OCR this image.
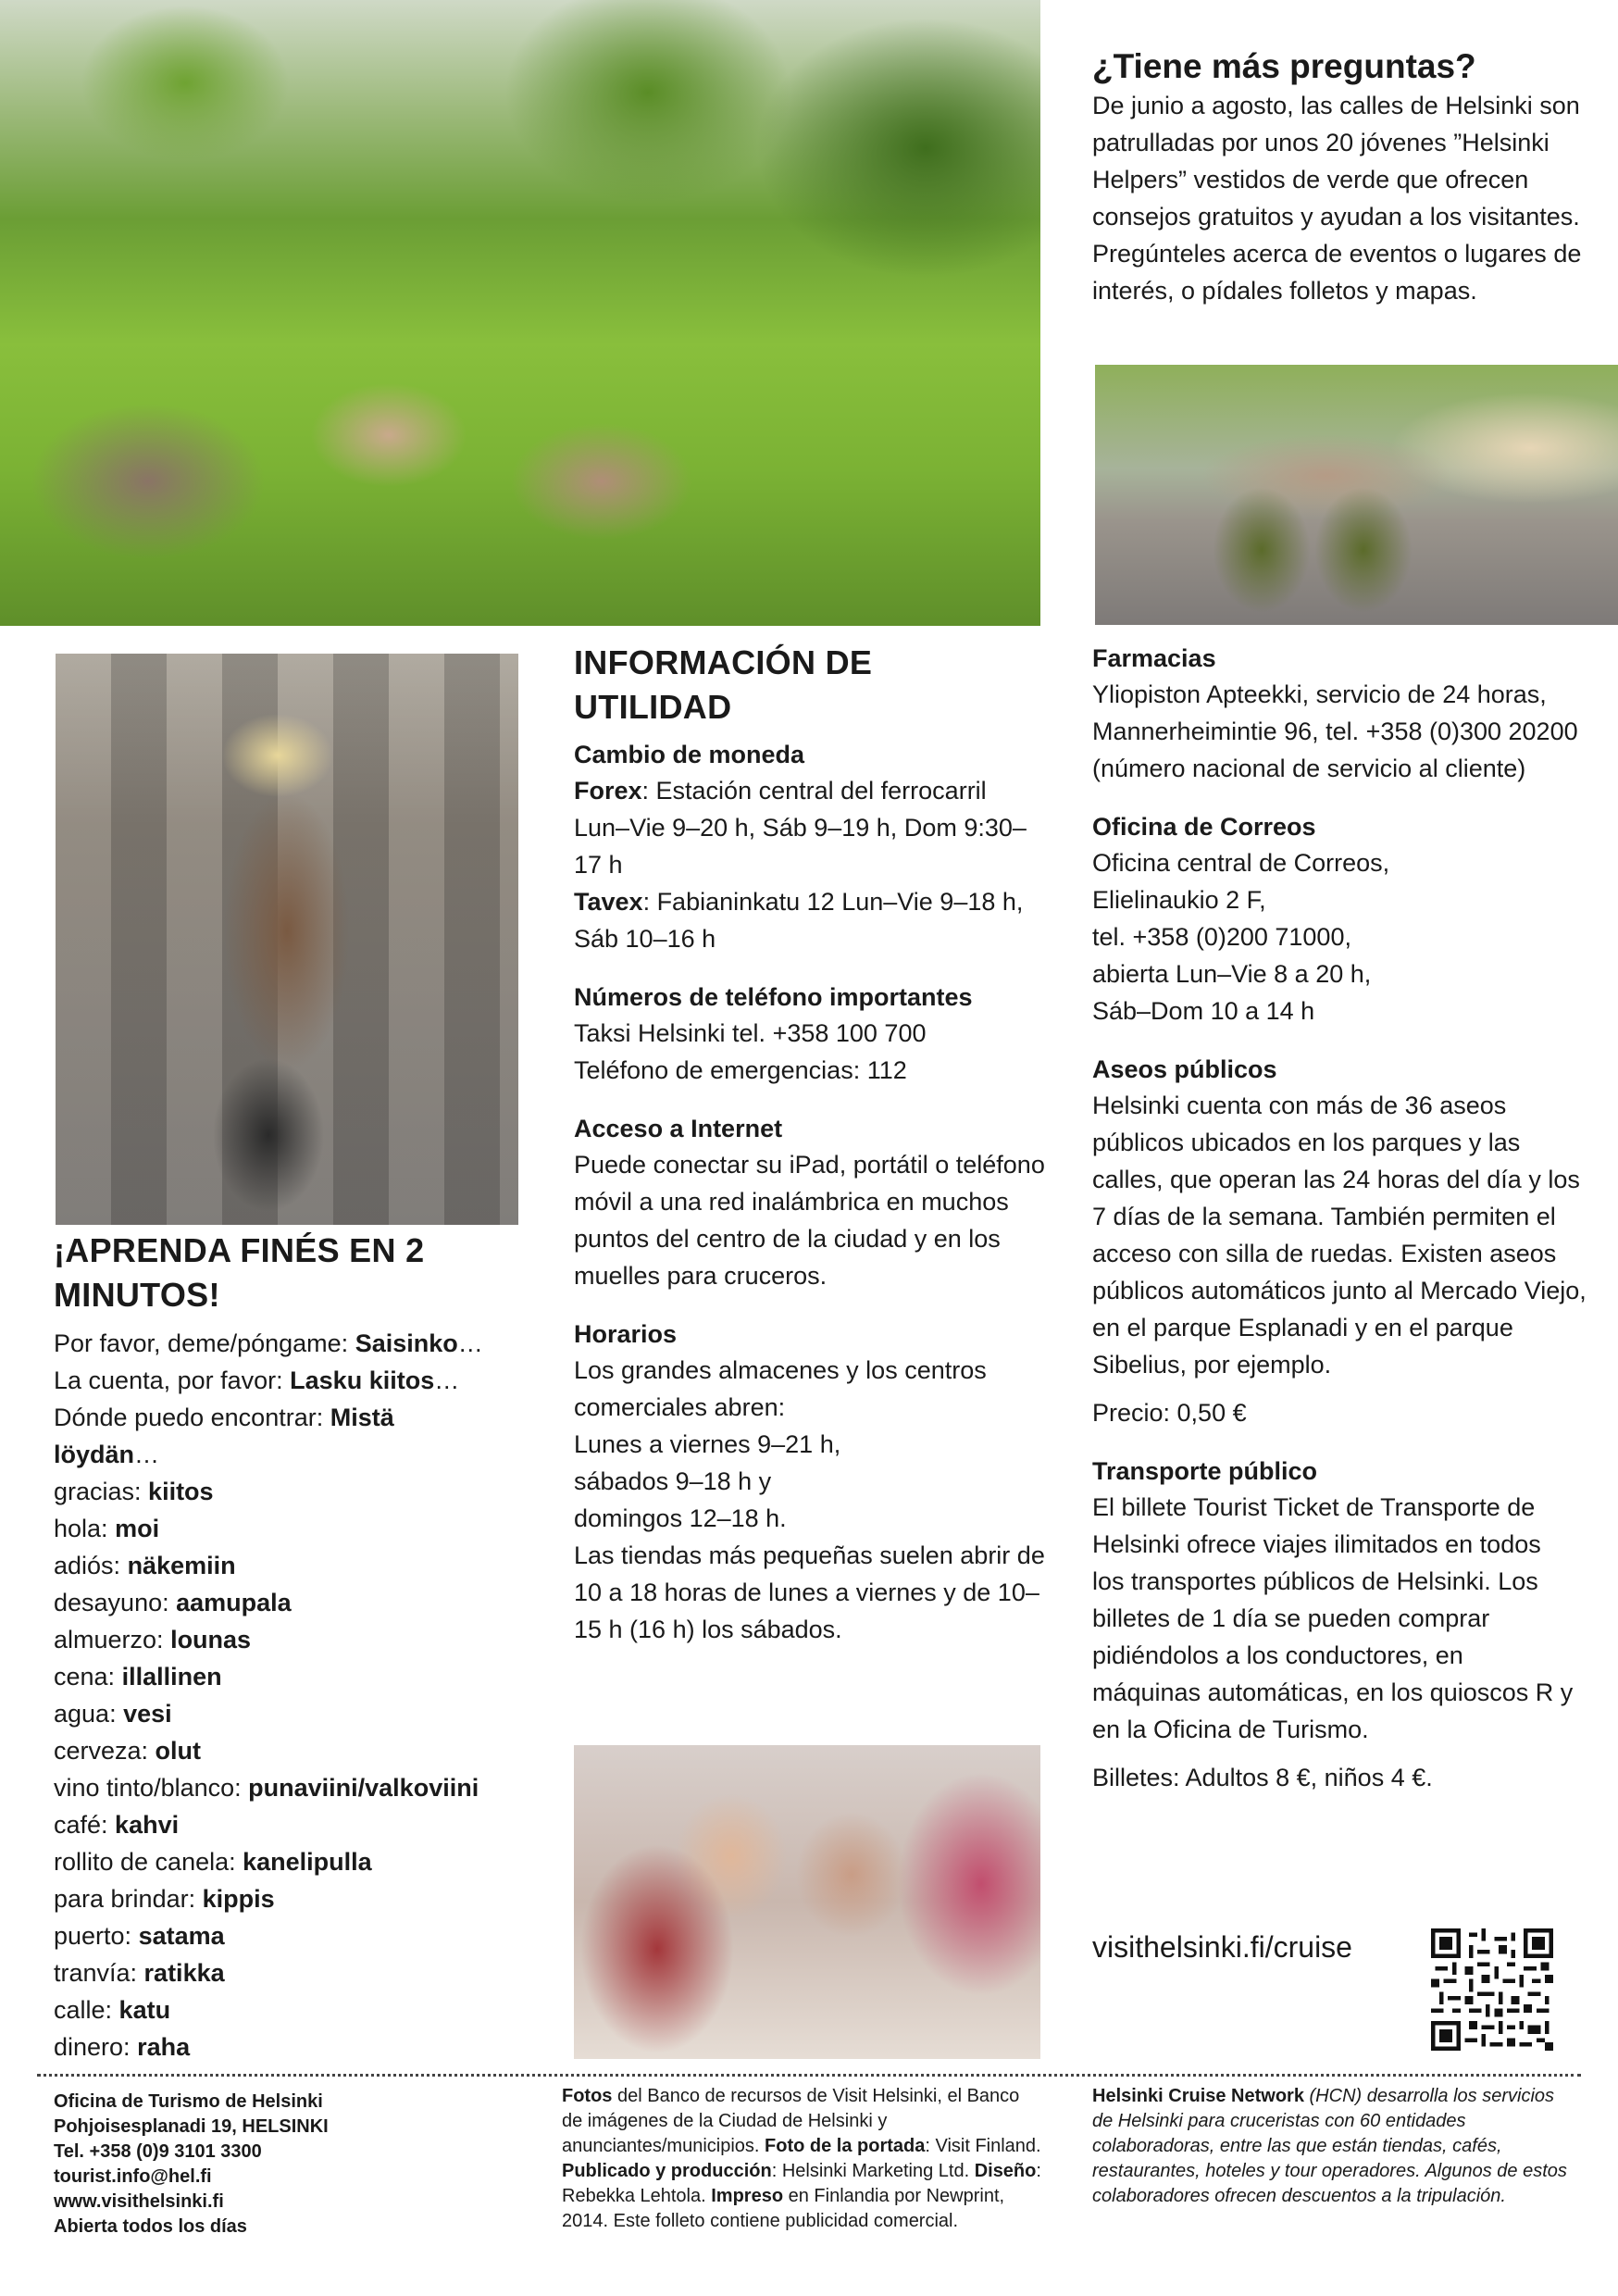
¿Tiene más preguntas?
De junio a agosto, las calles de Helsinki son patrulladas por unos 20 jóvenes ”Helsinki Helpers” vestidos de verde que ofrecen consejos gratuitos y ayudan a los visitantes. Pregúnteles acerca de eventos o lugares de interés, o pídales folletos y mapas.
¡APRENDA FINÉS EN 2 MINUTOS!
Por favor, deme/póngame: Saisinko…
La cuenta, por favor: Lasku kiitos…
Dónde puedo encontrar: Mistä löydän…
gracias: kiitos
hola: moi
adiós: näkemiin
desayuno: aamupala
almuerzo: lounas
cena: illallinen
agua: vesi
cerveza: olut
vino tinto/blanco: punaviini/valkoviini
café: kahvi
rollito de canela: kanelipulla
para brindar: kippis
puerto: satama
tranvía: ratikka
calle: katu
dinero: raha
INFORMACIÓN DE UTILIDAD
Cambio de moneda
Forex: Estación central del ferrocarril Lun–Vie 9–20 h, Sáb 9–19 h, Dom 9:30–17 h
Tavex: Fabianinkatu 12 Lun–Vie 9–18 h, Sáb 10–16 h
Números de teléfono importantes
Taksi Helsinki tel. +358 100 700
Teléfono de emergencias: 112
Acceso a Internet
Puede conectar su iPad, portátil o teléfono móvil a una red inalámbrica en muchos puntos del centro de la ciudad y en los muelles para cruceros.
Horarios
Los grandes almacenes y los centros comerciales abren:
Lunes a viernes 9–21 h,
sábados 9–18 h y
domingos 12–18 h.
Las tiendas más pequeñas suelen abrir de 10 a 18 horas de lunes a viernes y de 10–15 h (16 h) los sábados.
Farmacias
Yliopiston Apteekki, servicio de 24 horas, Mannerheimintie 96, tel. +358 (0)300 20200 (número nacional de servicio al cliente)
Oficina de Correos
Oficina central de Correos,
Elielinaukio 2 F,
tel. +358 (0)200 71000,
abierta Lun–Vie 8 a 20 h,
Sáb–Dom 10 a 14 h
Aseos públicos
Helsinki cuenta con más de 36 aseos públicos ubicados en los parques y las calles, que operan las 24 horas del día y los 7 días de la semana. También permiten el acceso con silla de ruedas. Existen aseos públicos automáticos junto al Mercado Viejo, en el parque Esplanadi y en el parque Sibelius, por ejemplo.
Precio: 0,50 €
Transporte público
El billete Tourist Ticket de Transporte de Helsinki ofrece viajes ilimitados en todos los transportes públicos de Helsinki. Los billetes de 1 día se pueden comprar pidiéndolos a los conductores, en máquinas automáticas, en los quioscos R y en la Oficina de Turismo.
Billetes: Adultos 8 €, niños 4 €.
visithelsinki.fi/cruise
Oficina de Turismo de Helsinki
Pohjoisesplanadi 19, HELSINKI
Tel. +358 (0)9 3101 3300
tourist.info@hel.fi
www.visithelsinki.fi
Abierta todos los días
Fotos del Banco de recursos de Visit Helsinki, el Banco de imágenes de la Ciudad de Helsinki y anunciantes/municipios. Foto de la portada: Visit Finland. Publicado y producción: Helsinki Marketing Ltd. Diseño: Rebekka Lehtola. Impreso en Finlandia por Newprint, 2014. Este folleto contiene publicidad comercial.
Helsinki Cruise Network (HCN) desarrolla los servicios de Helsinki para cruceristas con 60 entidades colaboradoras, entre las que están tiendas, cafés, restaurantes, hoteles y tour operadores. Algunos de estos colaboradores ofrecen descuentos a la tripulación.
